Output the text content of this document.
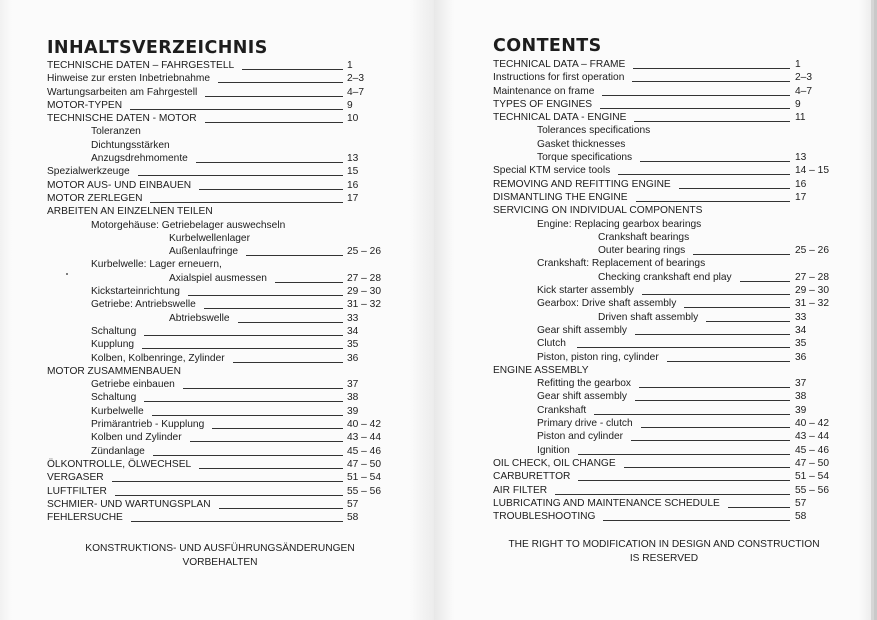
INHALTSVERZEICHNIS
TECHNISCHE DATEN – FAHRGESTELL	1
Hinweise zur ersten Inbetriebnahme	2–3
Wartungsarbeiten am Fahrgestell	4–7
MOTOR-TYPEN	9
TECHNISCHE DATEN - MOTOR	10
Toleranzen
Dichtungsstärken
Anzugsdrehmomente	13
Spezialwerkzeuge	15
MOTOR AUS- UND EINBAUEN	16
MOTOR ZERLEGEN	17
ARBEITEN AN EINZELNEN TEILEN
Motorgehäuse: Getriebelager auswechseln
Kurbelwellenlager
Außenlaufringe	25 – 26
Kurbelwelle: Lager erneuern,
Axialspiel ausmessen	27 – 28
Kickstarteinrichtung	29 – 30
Getriebe: Antriebswelle	31 – 32
Abtriebswelle	33
Schaltung	34
Kupplung	35
Kolben, Kolbenringe, Zylinder	36
MOTOR ZUSAMMENBAUEN
Getriebe einbauen	37
Schaltung	38
Kurbelwelle	39
Primärantrieb - Kupplung	40 – 42
Kolben und Zylinder	43 – 44
Zündanlage	45 – 46
ÖLKONTROLLE, ÖLWECHSEL	47 – 50
VERGASER	51 – 54
LUFTFILTER	55 – 56
SCHMIER- UND WARTUNGSPLAN	57
FEHLERSUCHE	58

KONSTRUKTIONS- UND AUSFÜHRUNGSÄNDERUNGEN
VORBEHALTEN

CONTENTS
TECHNICAL DATA – FRAME	1
Instructions for first operation	2–3
Maintenance on frame	4–7
TYPES OF ENGINES	9
TECHNICAL DATA - ENGINE	11
Tolerances specifications
Gasket thicknesses
Torque specifications	13
Special KTM service tools	14 – 15
REMOVING AND REFITTING ENGINE	16
DISMANTLING THE ENGINE	17
SERVICING ON INDIVIDUAL COMPONENTS
Engine: Replacing gearbox bearings
Crankshaft bearings
Outer bearing rings	25 – 26
Crankshaft: Replacement of bearings
Checking crankshaft end play	27 – 28
Kick starter assembly	29 – 30
Gearbox: Drive shaft assembly	31 – 32
Driven shaft assembly	33
Gear shift assembly	34
Clutch	35
Piston, piston ring, cylinder	36
ENGINE ASSEMBLY
Refitting the gearbox	37
Gear shift assembly	38
Crankshaft	39
Primary drive - clutch	40 – 42
Piston and cylinder	43 – 44
Ignition	45 – 46
OIL CHECK, OIL CHANGE	47 – 50
CARBURETTOR	51 – 54
AIR FILTER	55 – 56
LUBRICATING AND MAINTENANCE SCHEDULE	57
TROUBLESHOOTING	58

THE RIGHT TO MODIFICATION IN DESIGN AND CONSTRUCTION
IS RESERVED
